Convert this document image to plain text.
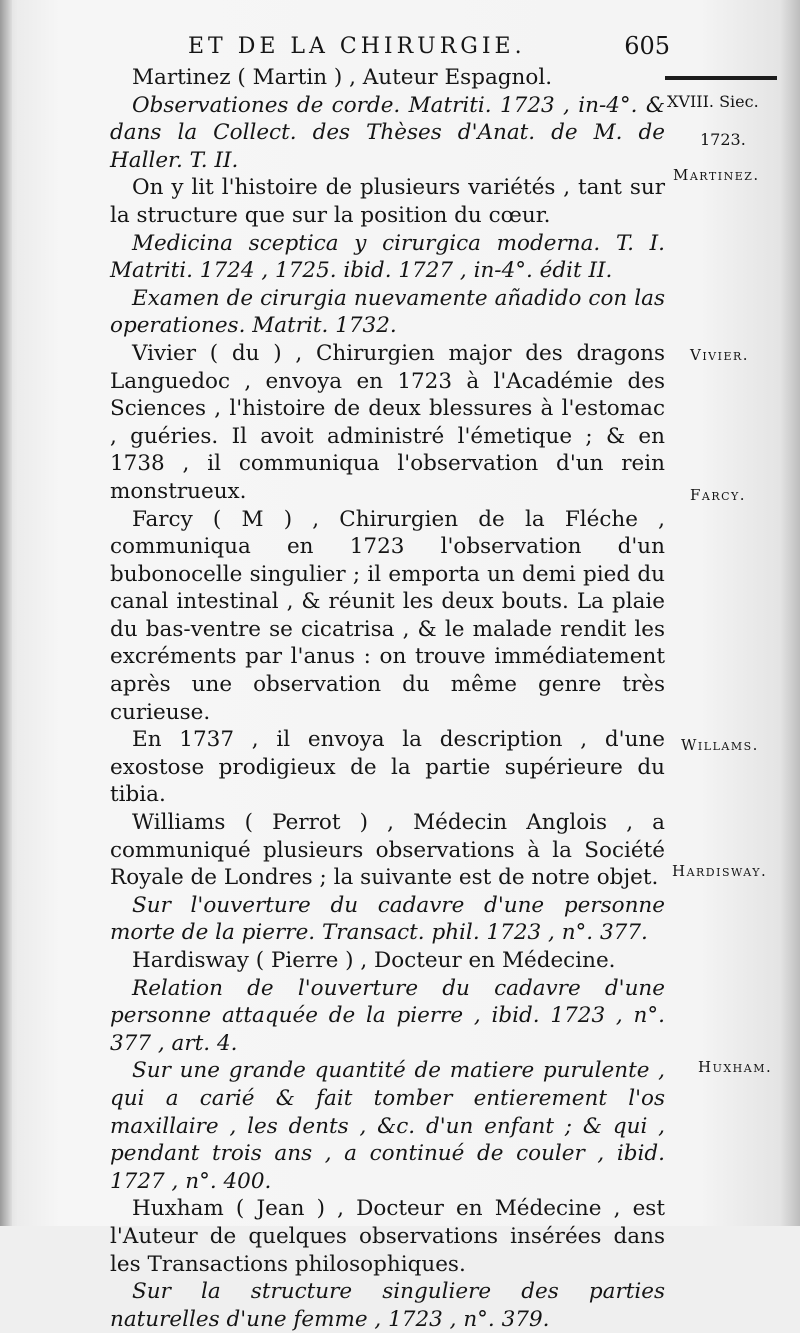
ET DE LA CHIRURGIE.	605
XVIII. Siec.
1723.
Martinez.
Vivier.
Farcy.
Willams.
Hardisway.
Huxham.

Martinez ( Martin ) , Auteur Espagnol.

Observationes de corde. Matriti. 1723 , in-4°. & dans la Collect. des Thèses d'Anat. de M. de Haller. T. II.

On y lit l'histoire de plusieurs variétés , tant sur la structure que sur la position du cœur.

Medicina sceptica y cirurgica moderna. T. I. Matriti. 1724 , 1725. ibid. 1727 , in-4°. édit II.

Examen de cirurgia nuevamente añadido con las operationes. Matrit. 1732.

Vivier ( du ) , Chirurgien major des dragons Languedoc , envoya en 1723 à l'Académie des Sciences , l'histoire de deux blessures à l'estomac , guéries. Il avoit administré l'émetique ; & en 1738 , il communiqua l'observation d'un rein monstrueux.

Farcy ( M ) , Chirurgien de la Fléche , communiqua en 1723 l'observation d'un bubonocelle singulier ; il emporta un demi pied du canal intestinal , & réunit les deux bouts. La plaie du bas-ventre se cicatrisa , & le malade rendit les excréments par l'anus : on trouve immédiatement après une observation du même genre très curieuse.

En 1737 , il envoya la description , d'une exostose prodigieux de la partie supérieure du tibia.

Williams ( Perrot ) , Médecin Anglois , a communiqué plusieurs observations à la Société Royale de Londres ; la suivante est de notre objet.

Sur l'ouverture du cadavre d'une personne morte de la pierre. Transact. phil. 1723 , n°. 377.

Hardisway ( Pierre ) , Docteur en Médecine.

Relation de l'ouverture du cadavre d'une personne attaquée de la pierre , ibid. 1723 , n°. 377 , art. 4.

Sur une grande quantité de matiere purulente , qui a carié & fait tomber entierement l'os maxillaire , les dents , &c. d'un enfant ; & qui , pendant trois ans , a continué de couler , ibid. 1727 , n°. 400.

Huxham ( Jean ) , Docteur en Médecine , est l'Auteur de quelques observations insérées dans les Transactions philosophiques.

Sur la structure singuliere des parties naturelles d'une femme , 1723 , n°. 379.
